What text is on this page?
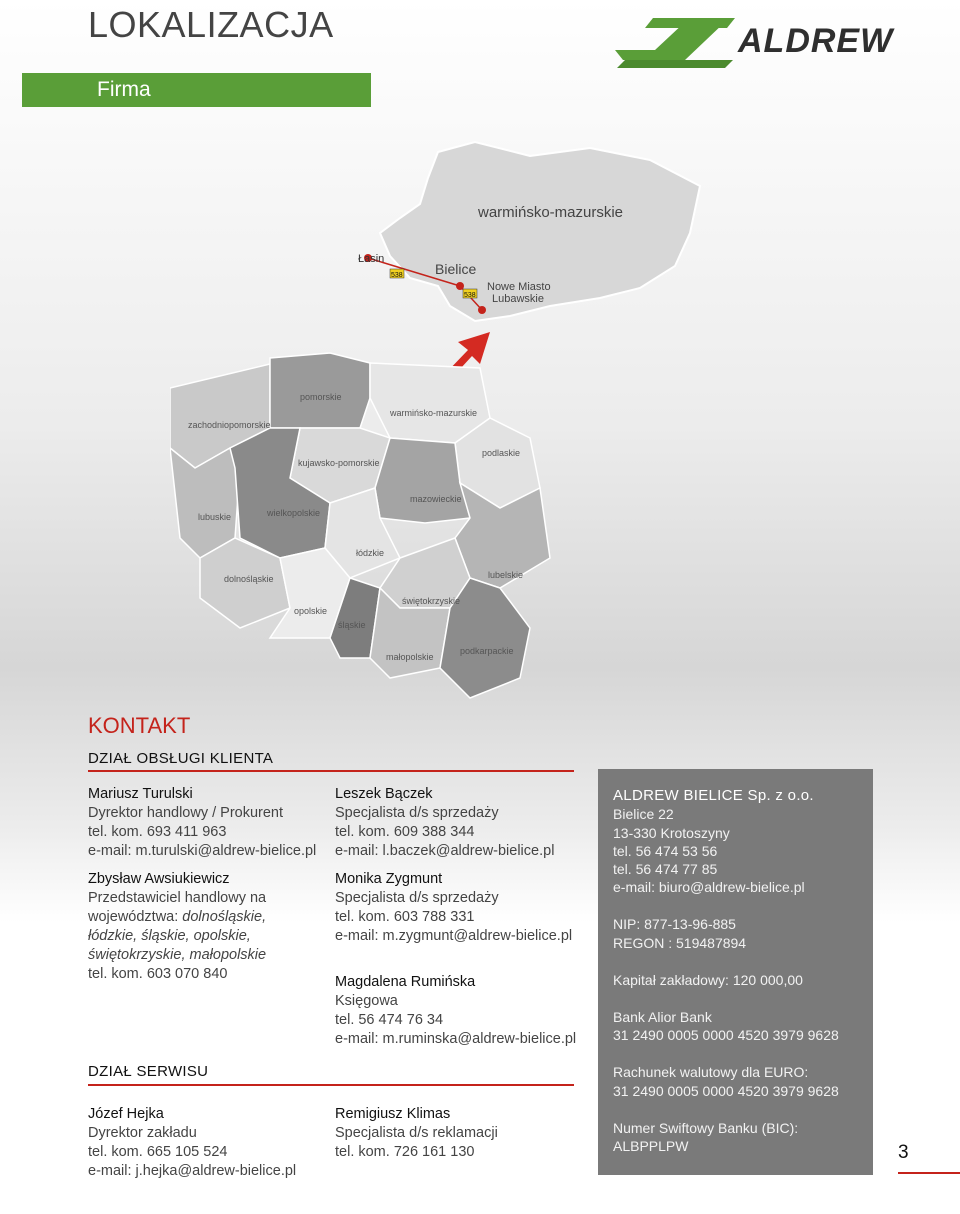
LOKALIZACJA
Firma
ALDREW
warmińsko-mazurskie
538
538
Łasin
Bielice
Nowe Miasto
Lubawskie
pomorskie
zachodniopomorskie
warmińsko-mazurskie
kujawsko-pomorskie
podlaskie
mazowieckie
lubuskie	wielkopolskie
łódzkie
dolnośląskie	lubelskie
świętokrzyskie
opolskie
śląskie
małopolskie
podkarpackie
KONTAKT
DZIAŁ OBSŁUGI KLIENTA
Mariusz Turulski
Dyrektor handlowy / Prokurent
tel. kom. 693 411 963
e-mail: m.turulski@aldrew-bielice.pl
Zbysław Awsiukiewicz
Przedstawiciel handlowy na
województwa: dolnośląskie,
łódzkie, śląskie, opolskie,
świętokrzyskie, małopolskie
tel. kom. 603 070 840
Leszek Bączek
Specjalista d/s sprzedaży
tel. kom. 609 388 344
e-mail: l.baczek@aldrew-bielice.pl
Monika Zygmunt
Specjalista d/s sprzedaży
tel. kom. 603 788 331
e-mail: m.zygmunt@aldrew-bielice.pl
Magdalena Rumińska
Księgowa
tel. 56 474 76 34
e-mail: m.ruminska@aldrew-bielice.pl
DZIAŁ SERWISU
Józef Hejka
Dyrektor zakładu
tel. kom. 665 105 524
e-mail: j.hejka@aldrew-bielice.pl
Remigiusz Klimas
Specjalista d/s reklamacji
tel. kom. 726 161 130
ALDREW BIELICE Sp. z o.o.
Bielice 22
13-330 Krotoszyny
tel. 56 474 53 56
tel. 56 474 77 85
e-mail: biuro@aldrew-bielice.pl
NIP: 877-13-96-885
REGON : 519487894
Kapitał zakładowy: 120 000,00
Bank Alior Bank
31 2490 0005 0000 4520 3979 9628
Rachunek walutowy dla EURO:
31 2490 0005 0000 4520 3979 9628
Numer Swiftowy Banku (BIC):
ALBPPLPW	3
